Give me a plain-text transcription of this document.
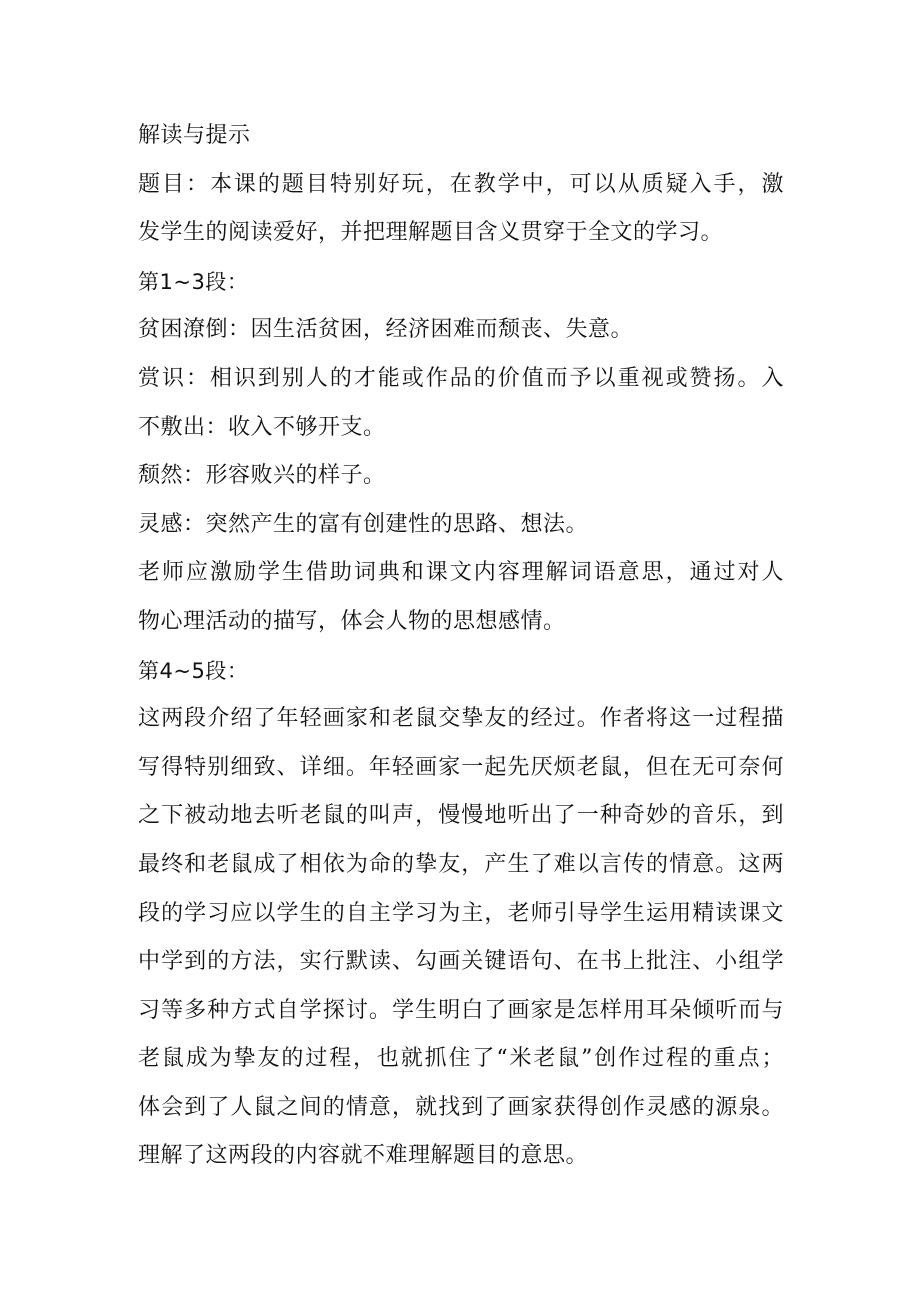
解读与提示
题目：本课的题目特别好玩，在教学中，可以从质疑入手，激
发学生的阅读爱好，并把理解题目含义贯穿于全文的学习。
第1~3段：
贫困潦倒：因生活贫困，经济困难而颓丧、失意。
赏识：相识到别人的才能或作品的价值而予以重视或赞扬。入
不敷出：收入不够开支。
颓然：形容败兴的样子。
灵感：突然产生的富有创建性的思路、想法。
老师应激励学生借助词典和课文内容理解词语意思，通过对人
物心理活动的描写，体会人物的思想感情。
第4~5段：
这两段介绍了年轻画家和老鼠交挚友的经过。作者将这一过程描
写得特别细致、详细。年轻画家一起先厌烦老鼠，但在无可奈何
之下被动地去听老鼠的叫声，慢慢地听出了一种奇妙的音乐，到
最终和老鼠成了相依为命的挚友，产生了难以言传的情意。这两
段的学习应以学生的自主学习为主，老师引导学生运用精读课文
中学到的方法，实行默读、勾画关键语句、在书上批注、小组学
习等多种方式自学探讨。学生明白了画家是怎样用耳朵倾听而与
老鼠成为挚友的过程，也就抓住了“米老鼠”创作过程的重点；
体会到了人鼠之间的情意，就找到了画家获得创作灵感的源泉。
理解了这两段的内容就不难理解题目的意思。
